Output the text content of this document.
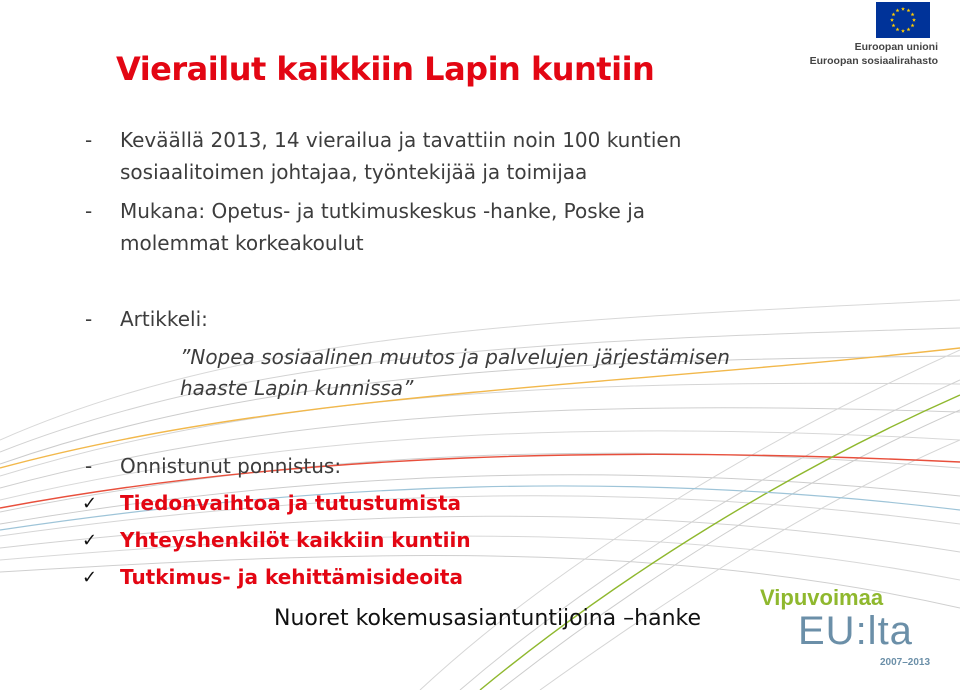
Euroopan unioni
Euroopan sosiaalirahasto
Vierailut kaikkiin Lapin kuntiin
- Keväällä 2013, 14 vierailua ja tavattiin noin 100 kuntien
sosiaalitoimen johtajaa, työntekijää ja toimijaa
- Mukana: Opetus- ja tutkimuskeskus -hanke, Poske ja
molemmat korkeakoulut
- Artikkeli:
”Nopea sosiaalinen muutos ja palvelujen järjestämisen
haaste Lapin kunnissa”
- Onnistunut ponnistus:
✓ Tiedonvaihtoa ja tutustumista
✓ Yhteyshenkilöt kaikkiin kuntiin
✓ Tutkimus- ja kehittämisideoita
Nuoret kokemusasiantuntijoina –hanke
Vipuvoimaa
EU:lta
2007–2013
